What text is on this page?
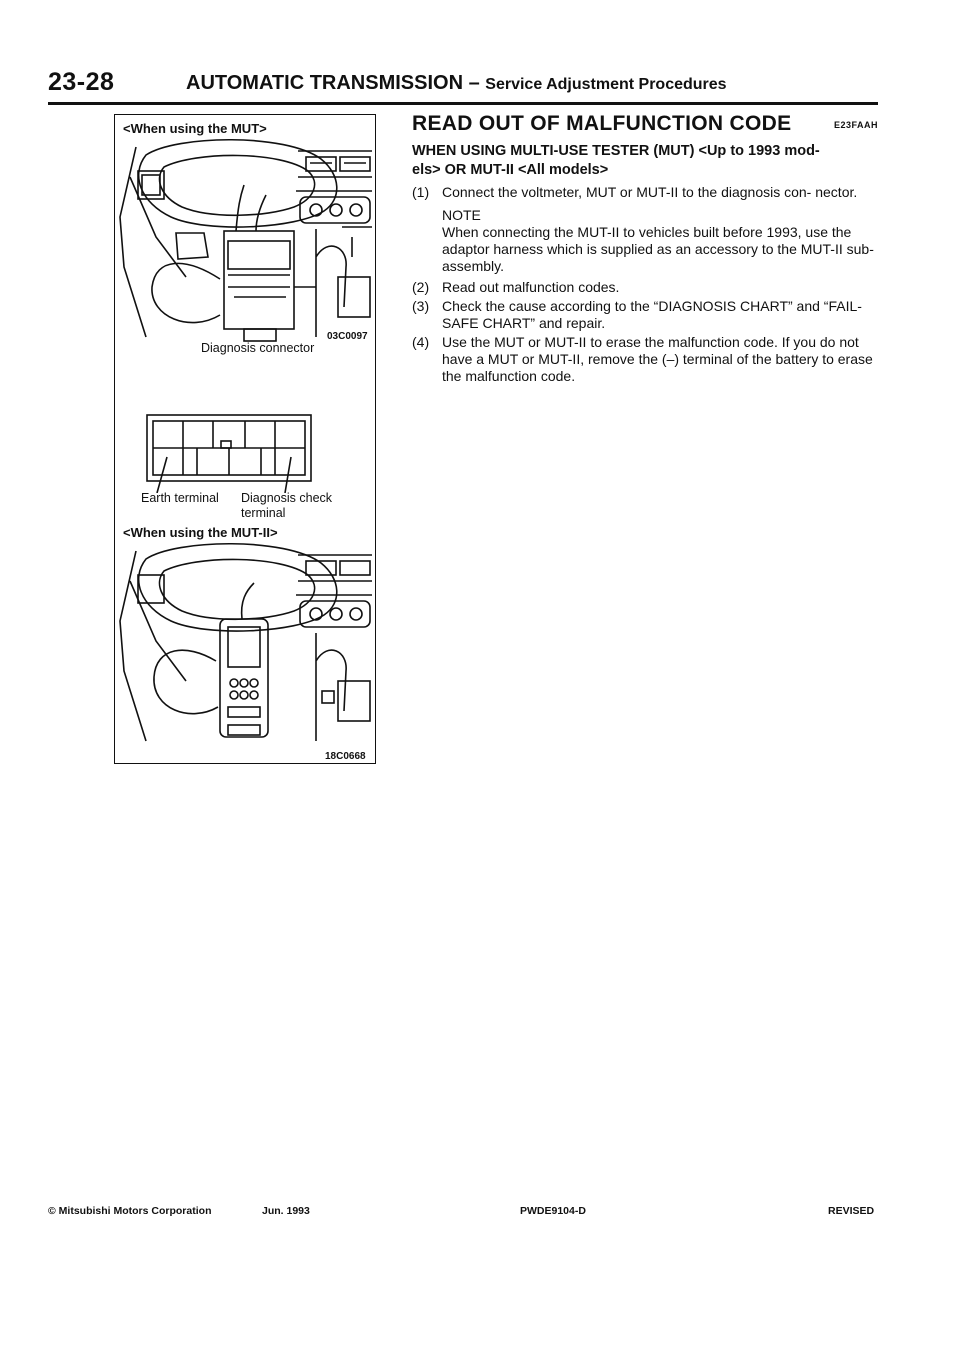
23-28	AUTOMATIC TRANSMISSION – Service Adjustment Procedures
<When using the MUT>
03C0097
Diagnosis connector
Earth terminal Diagnosis check
terminal
<When using the MUT-II>
18C0668
READ OUT OF MALFUNCTION CODE	E23FAAH
WHEN USING MULTI-USE TESTER (MUT) <Up to 1993 mod-
els> OR MUT-II <All models>
(1) Connect the voltmeter, MUT or MUT-II to the diagnosis con- nector.
NOTE
When connecting the MUT-II to vehicles built before 1993, use the adaptor harness which is supplied as an accessory to the MUT-II sub-assembly.
(2) Read out malfunction codes.
(3) Check the cause according to the “DIAGNOSIS CHART” and “FAIL-SAFE CHART” and repair.
(4) Use the MUT or MUT-II to erase the malfunction code. If you do not have a MUT or MUT-II, remove the (–) terminal of the battery to erase the malfunction code.
© Mitsubishi Motors Corporation	Jun. 1993	PWDE9104-D	REVISED
